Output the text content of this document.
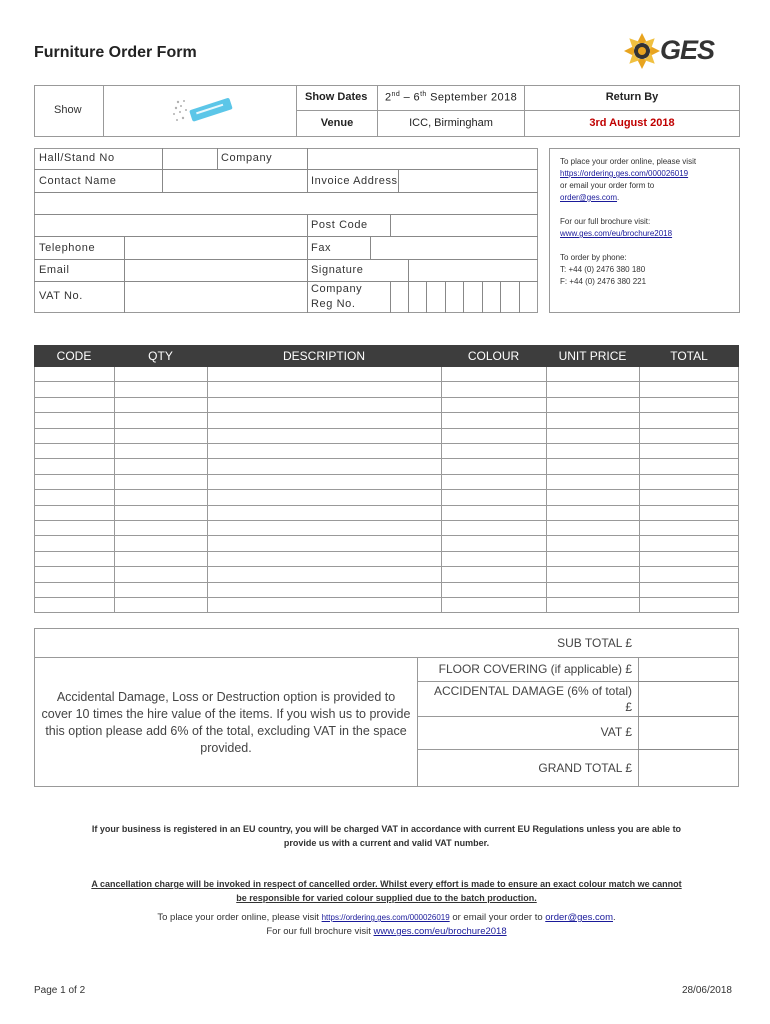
Furniture Order Form	GES
Show
Show Dates 2nd – 6th September 2018	Return By
Venue	ICC, Birmingham	3rd August 2018
Hall/Stand No	Company
Contact Name	Invoice Address
Post Code
Telephone	Fax
Email	Signature
VAT No.
Company Reg No.
To place your order online, please visit
https://ordering.ges.com/000026019
or email your order form to
order@ges.com.
For our full brochure visit:
www.ges.com/eu/brochure2018
To order by phone:
T: +44 (0) 2476 380 180
F: +44 (0) 2476 380 221
CODE	QTY	DESCRIPTION	COLOUR	UNIT PRICE	TOTAL
SUB TOTAL £
Accidental Damage, Loss or Destruction option is provided to cover 10 times the hire value of the items. If you wish us to provide this option please add 6% of the total, excluding VAT in the space provided.
FLOOR COVERING (if applicable) £
ACCIDENTAL DAMAGE (6% of total)
£
VAT £
GRAND TOTAL £
If your business is registered in an EU country, you will be charged VAT in accordance with current EU Regulations unless you are able to
provide us with a current and valid VAT number.
A cancellation charge will be invoked in respect of cancelled order. Whilst every effort is made to ensure an exact colour match we cannot
be responsible for varied colour supplied due to the batch production.
To place your order online, please visit https://ordering.ges.com/000026019 or email your order to order@ges.com.
For our full brochure visit www.ges.com/eu/brochure2018
Page 1 of 2	28/06/2018
